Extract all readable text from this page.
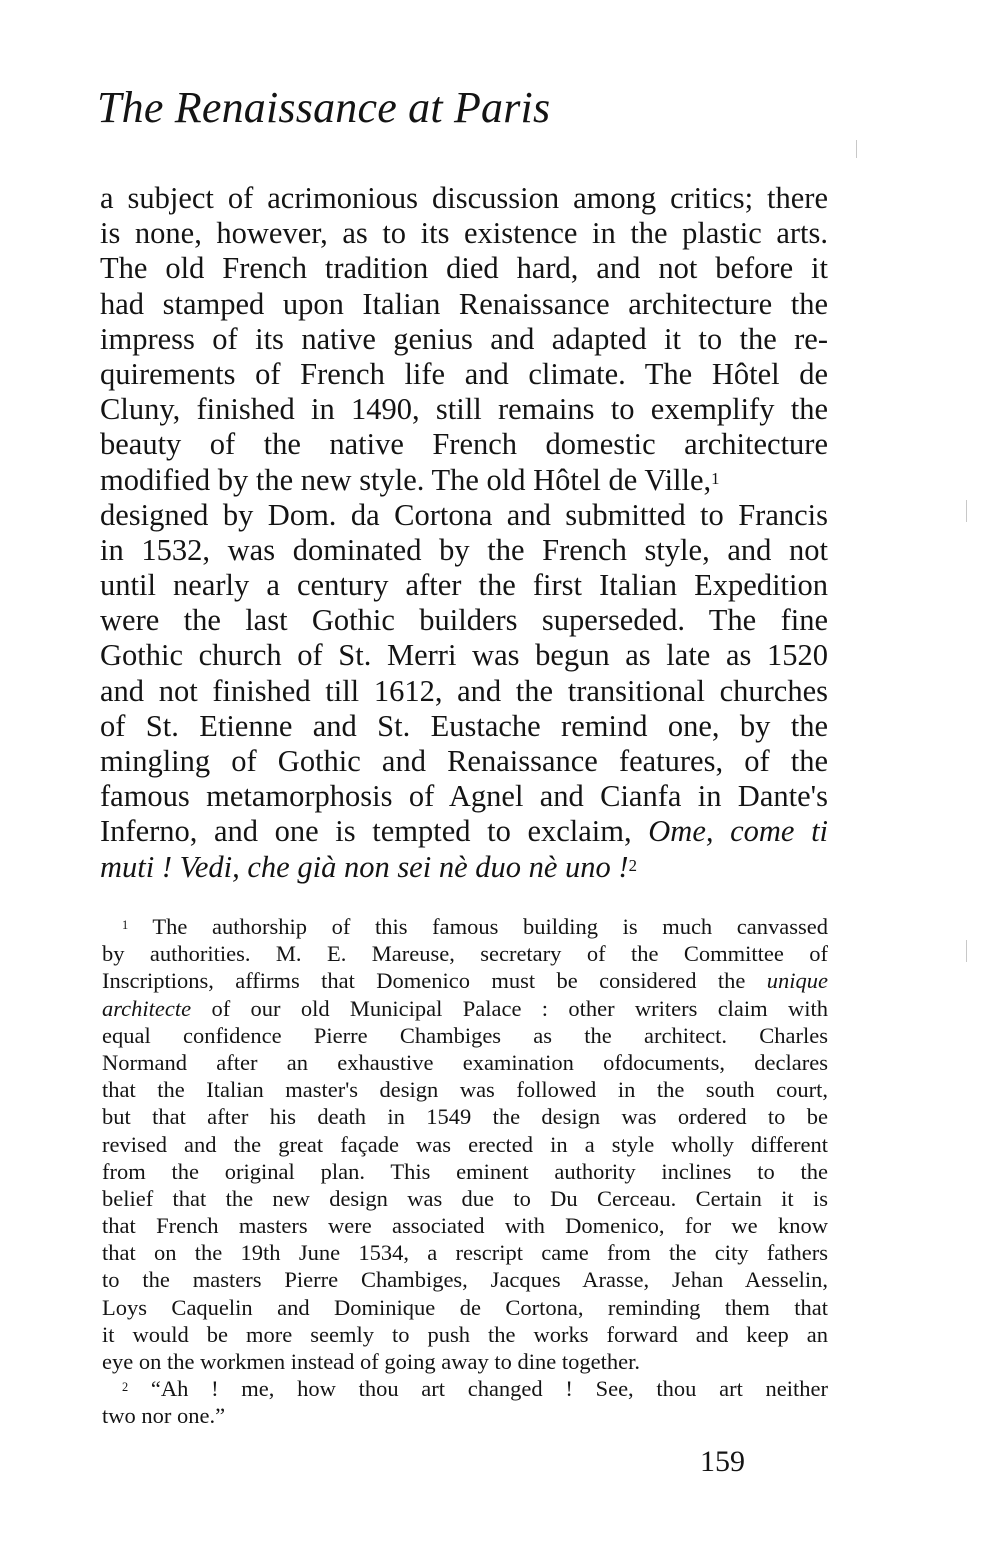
The Renaissance at Paris
a subject of acrimonious discussion among critics; there
is none, however, as to its existence in the plastic arts.
The old French tradition died hard, and not before it
had stamped upon Italian Renaissance architecture the
impress of its native genius and adapted it to the re-
quirements of French life and climate. The Hôtel de
Cluny, finished in 1490, still remains to exemplify the
beauty of the native French domestic architecture
modified by the new style. The old Hôtel de Ville,$^1$
designed by Dom. da Cortona and submitted to Francis
in 1532, was dominated by the French style, and not
until nearly a century after the first Italian Expedition
were the last Gothic builders superseded. The fine
Gothic church of St. Merri was begun as late as 1520
and not finished till 1612, and the transitional churches
of St. Etienne and St. Eustache remind one, by the
mingling of Gothic and Renaissance features, of the
famous metamorphosis of Agnel and Cianfa in Dante's
Inferno, and one is tempted to exclaim, Ome, come ti
muti ! Vedi, che già non sei nè duo nè uno !$^2$
$^1$ The authorship of this famous building is much canvassed
by authorities. M. E. Mareuse, secretary of the Committee of
Inscriptions, affirms that Domenico must be considered the unique
architecte of our old Municipal Palace : other writers claim with
equal confidence Pierre Chambiges as the architect. Charles
Normand after an exhaustive examination ofdocuments, declares
that the Italian master's design was followed in the south court,
but that after his death in 1549 the design was ordered to be
revised and the great façade was erected in a style wholly different
from the original plan. This eminent authority inclines to the
belief that the new design was due to Du Cerceau. Certain it is
that French masters were associated with Domenico, for we know
that on the 19th June 1534, a rescript came from the city fathers
to the masters Pierre Chambiges, Jacques Arasse, Jehan Aesselin,
Loys Caquelin and Dominique de Cortona, reminding them that
it would be more seemly to push the works forward and keep an
eye on the workmen instead of going away to dine together.
$^2$ “Ah ! me, how thou art changed ! See, thou art neither
two nor one.”
159
